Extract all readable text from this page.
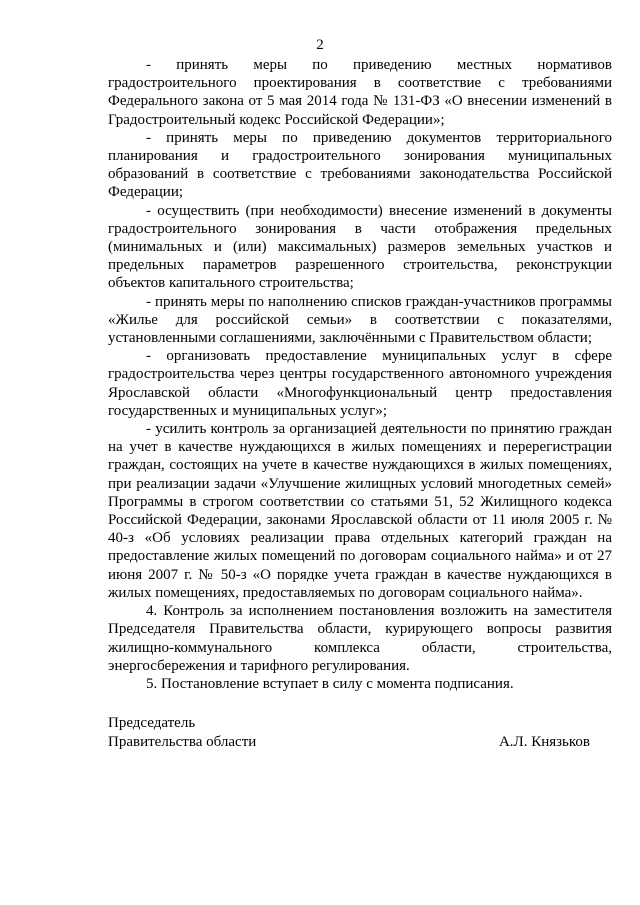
2

- принять меры по приведению местных нормативов градостроительного проектирования в соответствие с требованиями Федерального закона от 5 мая 2014 года № 131-ФЗ «О внесении изменений в Градостроительный кодекс Российской Федерации»;

- принять меры по приведению документов территориального планирования и градостроительного зонирования муниципальных образований в соответствие с требованиями законодательства Российской Федерации;

- осуществить (при необходимости) внесение изменений в документы градостроительного зонирования в части отображения предельных (минимальных и (или) максимальных) размеров земельных участков и предельных параметров разрешенного строительства, реконструкции объектов капитального строительства;

- принять меры по наполнению списков граждан-участников программы «Жилье для российской семьи» в соответствии с показателями, установленными соглашениями, заключёнными с Правительством области;

- организовать предоставление муниципальных услуг в сфере градостроительства через центры государственного автономного учреждения Ярославской области «Многофункциональный центр предоставления государственных и муниципальных услуг»;

- усилить контроль за организацией деятельности по принятию граждан на учет в качестве нуждающихся в жилых помещениях и перерегистрации граждан, состоящих на учете в качестве нуждающихся в жилых помещениях, при реализации задачи «Улучшение жилищных условий многодетных семей» Программы в строгом соответствии со статьями 51, 52 Жилищного кодекса Российской Федерации, законами Ярославской области от 11 июля 2005 г. № 40-з «Об условиях реализации права отдельных категорий граждан на предоставление жилых помещений по договорам социального найма» и от 27 июня 2007 г. № 50-з «О порядке учета граждан в качестве нуждающихся в жилых помещениях, предоставляемых по договорам социального найма».

4. Контроль за исполнением постановления возложить на заместителя Председателя Правительства области, курирующего вопросы развития жилищно-коммунального комплекса области, строительства, энергосбережения и тарифного регулирования.

5. Постановление вступает в силу с момента подписания.

Председатель
Правительства области	А.Л. Князьков
